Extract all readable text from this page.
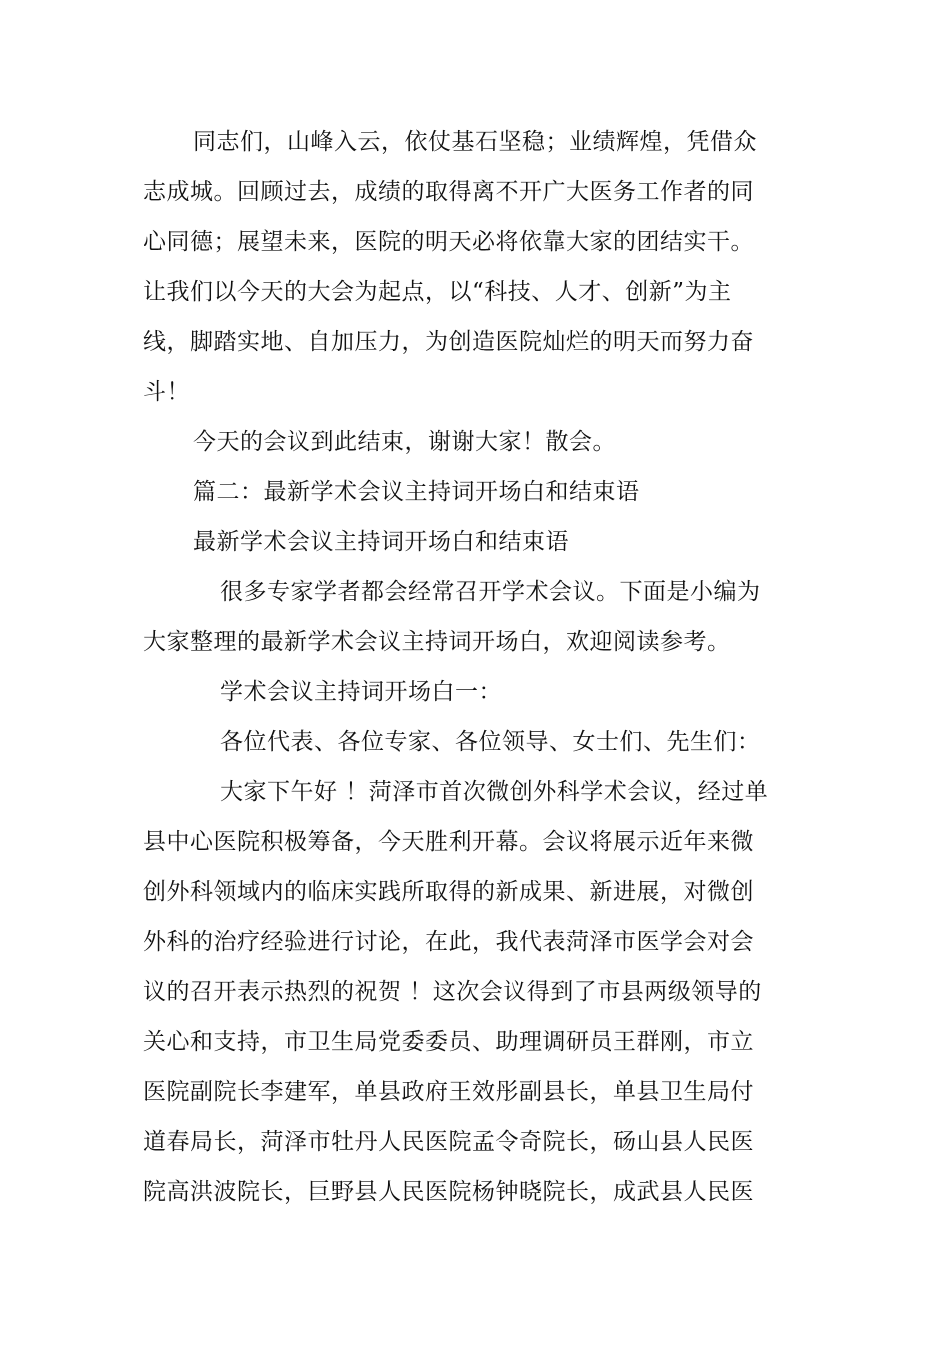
同志们，山峰入云，依仗基石坚稳；业绩辉煌，凭借众
志成城。回顾过去，成绩的取得离不开广大医务工作者的同
心同德；展望未来，医院的明天必将依靠大家的团结实干。
让我们以今天的大会为起点，以“科技、人才、创新”为主
线，脚踏实地、自加压力，为创造医院灿烂的明天而努力奋
斗！
今天的会议到此结束，谢谢大家！散会。
篇二：最新学术会议主持词开场白和结束语
最新学术会议主持词开场白和结束语
很多专家学者都会经常召开学术会议。下面是小编为
大家整理的最新学术会议主持词开场白，欢迎阅读参考。
学术会议主持词开场白一：
各位代表、各位专家、各位领导、女士们、先生们：
大家下午好 ！菏泽市首次微创外科学术会议，经过单
县中心医院积极筹备，今天胜利开幕。会议将展示近年来微
创外科领域内的临床实践所取得的新成果、新进展，对微创
外科的治疗经验进行讨论，在此，我代表菏泽市医学会对会
议的召开表示热烈的祝贺 ！这次会议得到了市县两级领导的
关心和支持，市卫生局党委委员、助理调研员王群刚，市立
医院副院长李建军，单县政府王效彤副县长，单县卫生局付
道春局长，菏泽市牡丹人民医院孟令奇院长，砀山县人民医
院高洪波院长，巨野县人民医院杨钟晓院长，成武县人民医
